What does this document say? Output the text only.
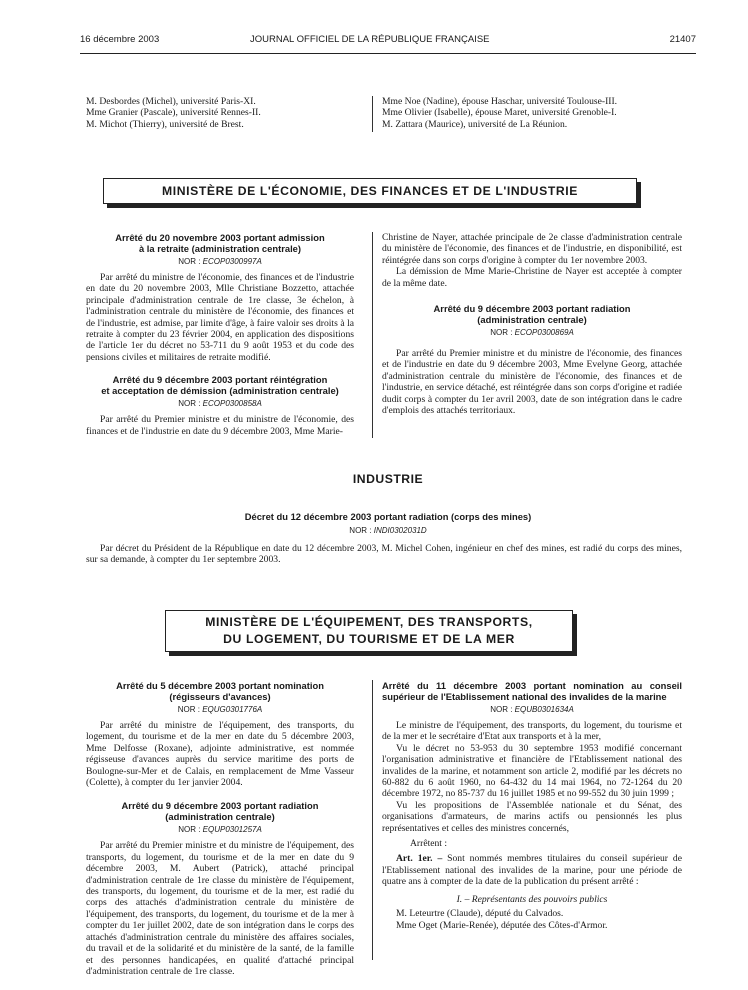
16 décembre 2003	JOURNAL OFFICIEL DE LA RÉPUBLIQUE FRANÇAISE	21407

M. Desbordes (Michel), université Paris-XI.

Mme Granier (Pascale), université Rennes-II.

M. Michot (Thierry), université de Brest.

Mme Noe (Nadine), épouse Haschar, université Toulouse-III.

Mme Olivier (Isabelle), épouse Maret, université Grenoble-I.

M. Zattara (Maurice), université de La Réunion.

MINISTÈRE DE L'ÉCONOMIE, DES FINANCES ET DE L'INDUSTRIE
Arrêté du 20 novembre 2003 portant admission
à la retraite (administration centrale)
NOR : ECOP0300997A

Par arrêté du ministre de l'économie, des finances et de l'industrie en date du 20 novembre 2003, Mlle Christiane Bozzetto, attachée principale d'administration centrale de 1re classe, 3e échelon, à l'administration centrale du ministère de l'économie, des finances et de l'industrie, est admise, par limite d'âge, à faire valoir ses droits à la retraite à compter du 23 février 2004, en application des dispositions de l'article 1er du décret no 53-711 du 9 août 1953 et du code des pensions civiles et militaires de retraite modifié.

Arrêté du 9 décembre 2003 portant réintégration
et acceptation de démission (administration centrale)
NOR : ECOP0300858A

Par arrêté du Premier ministre et du ministre de l'économie, des finances et de l'industrie en date du 9 décembre 2003, Mme Marie-

Christine de Nayer, attachée principale de 2e classe d'administration centrale du ministère de l'économie, des finances et de l'industrie, en disponibilité, est réintégrée dans son corps d'origine à compter du 1er novembre 2003.

La démission de Mme Marie-Christine de Nayer est acceptée à compter de la même date.

Arrêté du 9 décembre 2003 portant radiation
(administration centrale)
NOR : ECOP0300869A

Par arrêté du Premier ministre et du ministre de l'économie, des finances et de l'industrie en date du 9 décembre 2003, Mme Evelyne Georg, attachée d'administration centrale du ministère de l'économie, des finances et de l'industrie, en service détaché, est réintégrée dans son corps d'origine et radiée dudit corps à compter du 1er avril 2003, date de son intégration dans le cadre d'emplois des attachés territoriaux.

INDUSTRIE
Décret du 12 décembre 2003 portant radiation (corps des mines)
NOR : INDI0302031D

Par décret du Président de la République en date du 12 décembre 2003, M. Michel Cohen, ingénieur en chef des mines, est radié du corps des mines, sur sa demande, à compter du 1er septembre 2003.

MINISTÈRE DE L'ÉQUIPEMENT, DES TRANSPORTS,
DU LOGEMENT, DU TOURISME ET DE LA MER
Arrêté du 5 décembre 2003 portant nomination
(régisseurs d'avances)
NOR : EQUG0301776A

Par arrêté du ministre de l'équipement, des transports, du logement, du tourisme et de la mer en date du 5 décembre 2003, Mme Delfosse (Roxane), adjointe administrative, est nommée régisseuse d'avances auprès du service maritime des ports de Boulogne-sur-Mer et de Calais, en remplacement de Mme Vasseur (Colette), à compter du 1er janvier 2004.

Arrêté du 9 décembre 2003 portant radiation
(administration centrale)
NOR : EQUP0301257A

Par arrêté du Premier ministre et du ministre de l'équipement, des transports, du logement, du tourisme et de la mer en date du 9 décembre 2003, M. Aubert (Patrick), attaché principal d'administration centrale de 1re classe du ministère de l'équipement, des transports, du logement, du tourisme et de la mer, est radié du corps des attachés d'administration centrale du ministère de l'équipement, des transports, du logement, du tourisme et de la mer à compter du 1er juillet 2002, date de son intégration dans le corps des attachés d'administration centrale du ministère des affaires sociales, du travail et de la solidarité et du ministère de la santé, de la famille et des personnes handicapées, en qualité d'attaché principal d'administration centrale de 1re classe.

Arrêté du 11 décembre 2003 portant nomination au conseil supérieur de l'Etablissement national des invalides de la marine
NOR : EQUB0301634A

Le ministre de l'équipement, des transports, du logement, du tourisme et de la mer et le secrétaire d'Etat aux transports et à la mer,

Vu le décret no 53-953 du 30 septembre 1953 modifié concernant l'organisation administrative et financière de l'Etablissement national des invalides de la marine, et notamment son article 2, modifié par les décrets no 60-882 du 6 août 1960, no 64-432 du 14 mai 1964, no 72-1264 du 20 décembre 1972, no 85-737 du 16 juillet 1985 et no 99-552 du 30 juin 1999 ;

Vu les propositions de l'Assemblée nationale et du Sénat, des organisations d'armateurs, de marins actifs ou pensionnés les plus représentatives et celles des ministres concernés,

Arrêtent :

Art. 1er. – Sont nommés membres titulaires du conseil supérieur de l'Etablissement national des invalides de la marine, pour une période de quatre ans à compter de la date de la publication du présent arrêté :

I. – Représentants des pouvoirs publics

M. Leteurtre (Claude), député du Calvados.

Mme Oget (Marie-Renée), députée des Côtes-d'Armor.
